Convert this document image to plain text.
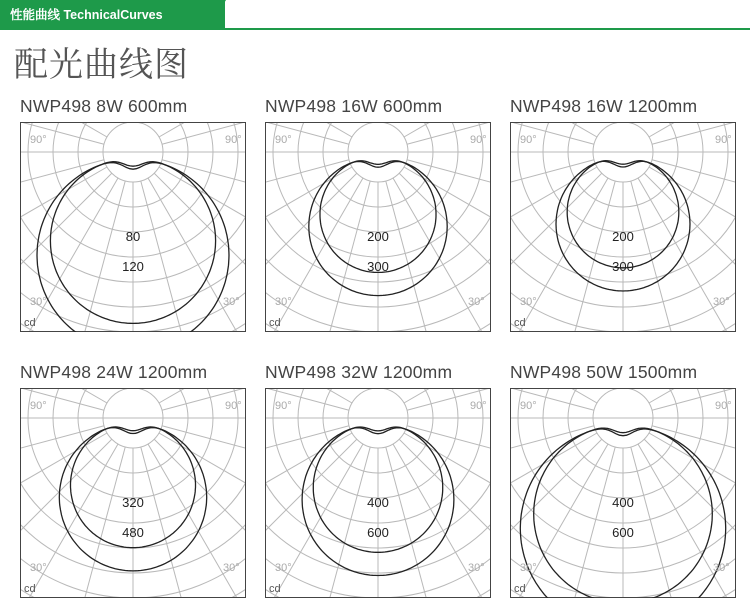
性能曲线 TechnicalCurves
配光曲线图
NWP498 8W 600mm
90°	90°
30°	30°
80
120
cd
NWP498 16W 600mm
90°	90°
30°	30°
200
300
cd
NWP498 16W 1200mm
90°	90°
30°	30°
200
300
cd
NWP498 24W 1200mm
90°	90°
30°	30°
320
480
cd
NWP498 32W 1200mm
90°	90°
30°	30°
400
600
cd
NWP498 50W 1500mm
90°	90°
30°	30°
400
600
cd
